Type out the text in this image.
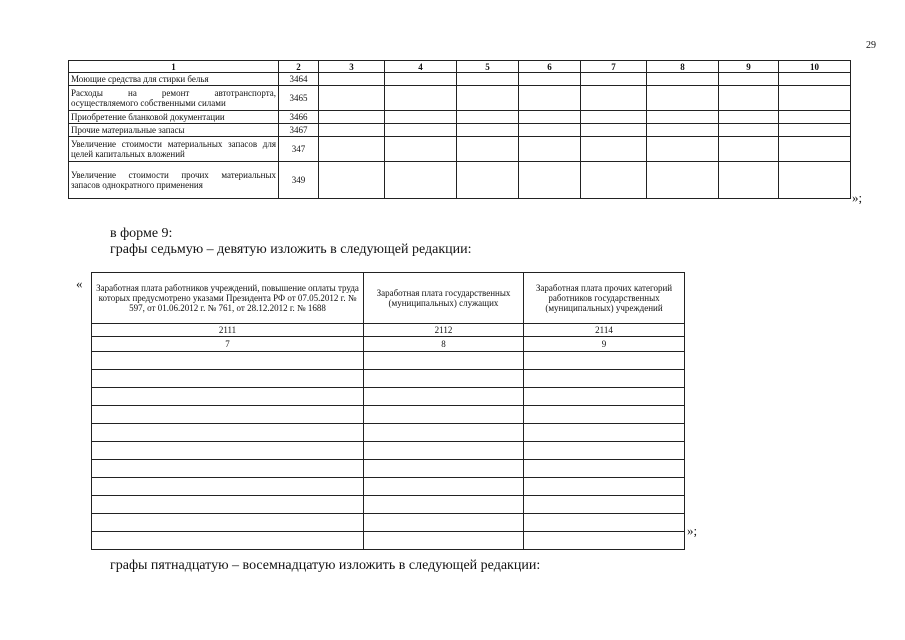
29
1	2	3	4	5	6	7	8	9	10
Моющие средства для стирки белья	3464								
Расходы на ремонт автотранспорта, осуществляемого собственными силами	3465								
Приобретение бланковой документации	3466								
Прочие материальные запасы	3467								
Увеличение стоимости материальных запасов для целей капитальных вложений	347								
Увеличение стоимости прочих материальных запасов однократного применения	349								
»;
в форме 9:
графы седьмую – девятую изложить в следующей редакции:
« Заработная плата работников учреждений, повышение оплаты труда которых предусмотрено указами Президента РФ от 07.05.2012 г. № 597, от 01.06.2012 г. № 761, от 28.12.2012 г. № 1688	Заработная плата государственных (муниципальных) служащих	Заработная плата прочих категорий работников государственных (муниципальных) учреждений
2111	2112	2114
7	8	9

»;
графы пятнадцатую – восемнадцатую изложить в следующей редакции:
